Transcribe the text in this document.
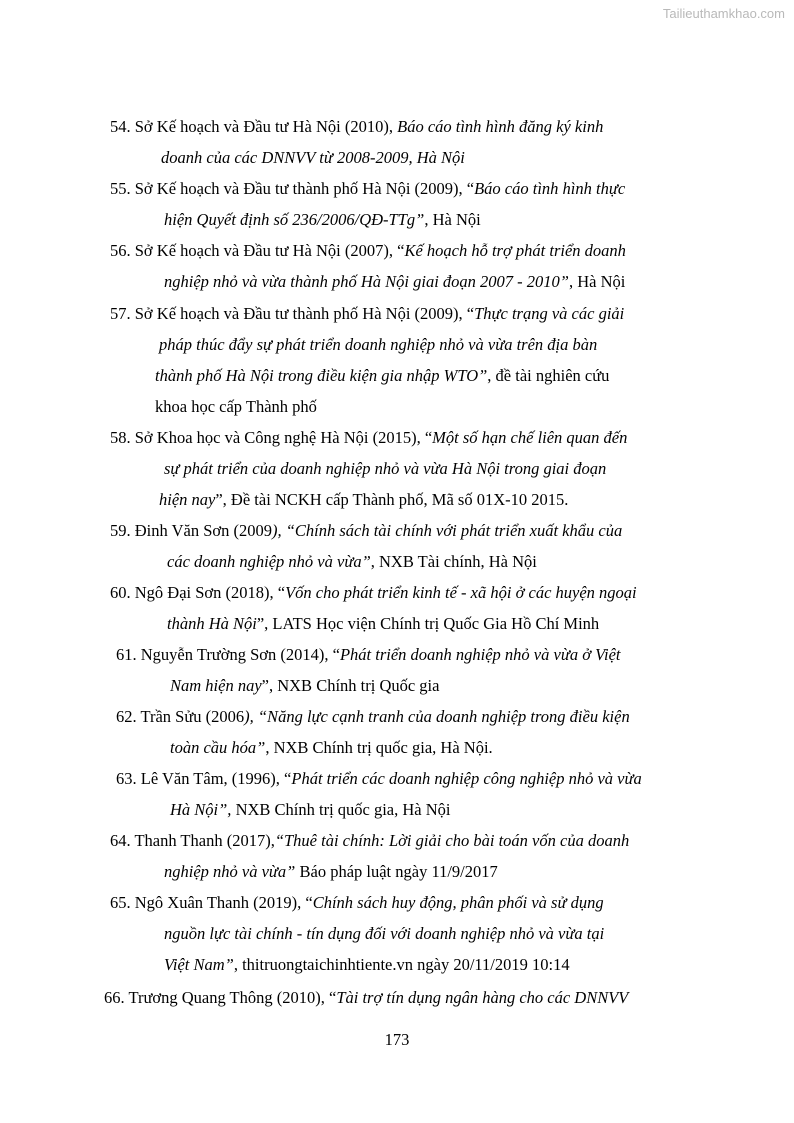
Tailieuthamkhao.com
54. Sở Kế hoạch và Đầu tư Hà Nội (2010), Báo cáo tình hình đăng ký kinh
doanh của các DNNVV từ 2008-2009, Hà Nội
55. Sở Kế hoạch và Đầu tư thành phố Hà Nội (2009), “Báo cáo tình hình thực
hiện Quyết định số 236/2006/QĐ-TTg”, Hà Nội
56. Sở Kế hoạch và Đầu tư Hà Nội (2007), “Kế hoạch hỗ trợ phát triển doanh
nghiệp nhỏ và vừa thành phố Hà Nội giai đoạn 2007 - 2010”, Hà Nội
57. Sở Kế hoạch và Đầu tư thành phố Hà Nội (2009), “Thực trạng và các giải
pháp thúc đẩy sự phát triển doanh nghiệp nhỏ và vừa trên địa bàn
thành phố Hà Nội trong điều kiện gia nhập WTO”, đề tài nghiên cứu
khoa học cấp Thành phố
58. Sở Khoa học và Công nghệ Hà Nội (2015), “Một số hạn chế liên quan đến
sự phát triển của doanh nghiệp nhỏ và vừa Hà Nội trong giai đoạn
hiện nay”, Đề tài NCKH cấp Thành phố, Mã số 01X-10 2015.
59. Đinh Văn Sơn (2009), “Chính sách tài chính với phát triển xuất khẩu của
các doanh nghiệp nhỏ và vừa”, NXB Tài chính, Hà Nội
60. Ngô Đại Sơn (2018), “Vốn cho phát triển kinh tế - xã hội ở các huyện ngoại
thành Hà Nội”, LATS Học viện Chính trị Quốc Gia Hồ Chí Minh
61. Nguyễn Trường Sơn (2014), “Phát triển doanh nghiệp nhỏ và vừa ở Việt
Nam hiện nay”, NXB Chính trị Quốc gia
62. Trần Sửu (2006), “Năng lực cạnh tranh của doanh nghiệp trong điều kiện
toàn cầu hóa”, NXB Chính trị quốc gia, Hà Nội.
63. Lê Văn Tâm, (1996), “Phát triển các doanh nghiệp công nghiệp nhỏ và vừa
Hà Nội”, NXB Chính trị quốc gia, Hà Nội
64. Thanh Thanh (2017),“Thuê tài chính: Lời giải cho bài toán vốn của doanh
nghiệp nhỏ và vừa” Báo pháp luật ngày 11/9/2017
65. Ngô Xuân Thanh (2019), “Chính sách huy động, phân phối và sử dụng
nguồn lực tài chính - tín dụng đối với doanh nghiệp nhỏ và vừa tại
Việt Nam”, thitruongtaichinhtiente.vn ngày 20/11/2019 10:14
66. Trương Quang Thông (2010), “Tài trợ tín dụng ngân hàng cho các DNNVV
173
